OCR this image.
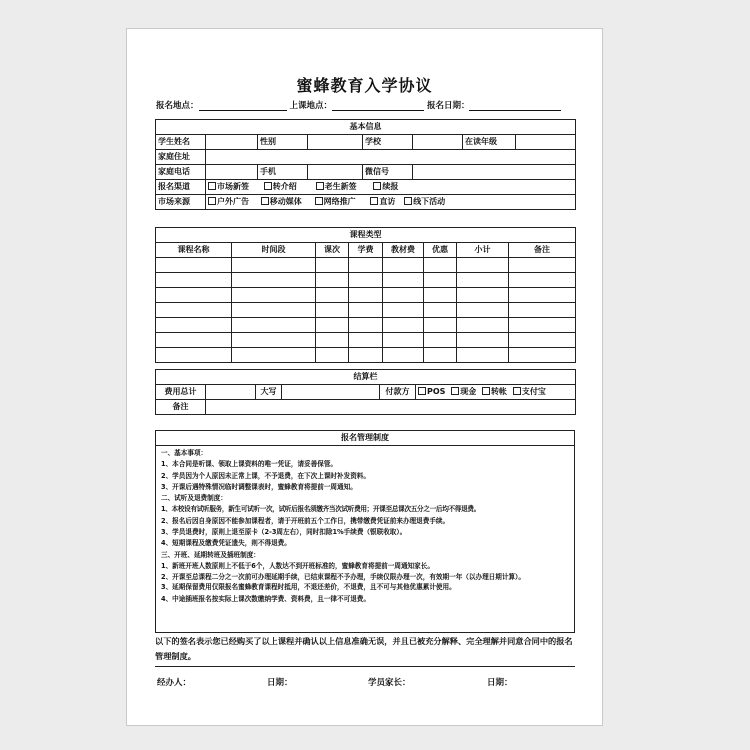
蜜蜂教育入学协议
报名地点：	上课地点：	报名日期：
基本信息							
学生姓名		性别		学校		在读年级	
家庭住址							
家庭电话		手机		微信号			
报名渠道	市场新签 转介绍 老生新签 续报						
市场来源	户外广告 移动媒体 网络推广 直访 线下活动						
课程类型							
课程名称	时间段	课次	学费	教材费	优惠	小计	备注

结算栏					
费用总计		大写		付款方	POS 现金 转帐 支付宝
备注					
报名管理制度
一、基本事项：
1、本合同是听课、领取上课资料的唯一凭证，请妥善保管。
2、学员因为个人原因未正常上课，不予退费，在下次上课时补发资料。
3、开课后遇特殊情况临时调整课表时，蜜蜂教育将提前一周通知。
二、试听及退费制度：
1、本校设有试听服务，新生可试听一次，试听后报名须缴齐当次试听费用；开课至总课次五分之一后均不得退费。
2、报名后因自身原因不能参加课程者，请于开班前五个工作日，携带缴费凭证前来办理退费手续。
3、学员退费时，原则上退至原卡（2-3周左右），同时扣除1%手续费（银联收取）。
4、短期课程及缴费凭证遗失，则不得退费。
三、开班、延期转班及插班制度：
1、新班开班人数原则上不低于6个，人数达不到开班标准的，蜜蜂教育将提前一周通知家长。
2、开课至总课程二分之一次前可办理延期手续，已结束课程不予办理，手续仅限办理一次，有效期一年（以办理日期计算）。
3、延期保留费用仅限报名蜜蜂教育课程时抵用，不退还差价，不退费，且不可与其他优惠累计使用。
4、中途插班报名按实际上课次数缴纳学费、资料费，且一律不可退费。
以下的签名表示您已经购买了以上课程并确认以上信息准确无误，并且已被充分解释、完全理解并同意合同中的报名管理制度。
经办人：	日期：	学员家长：	日期：
